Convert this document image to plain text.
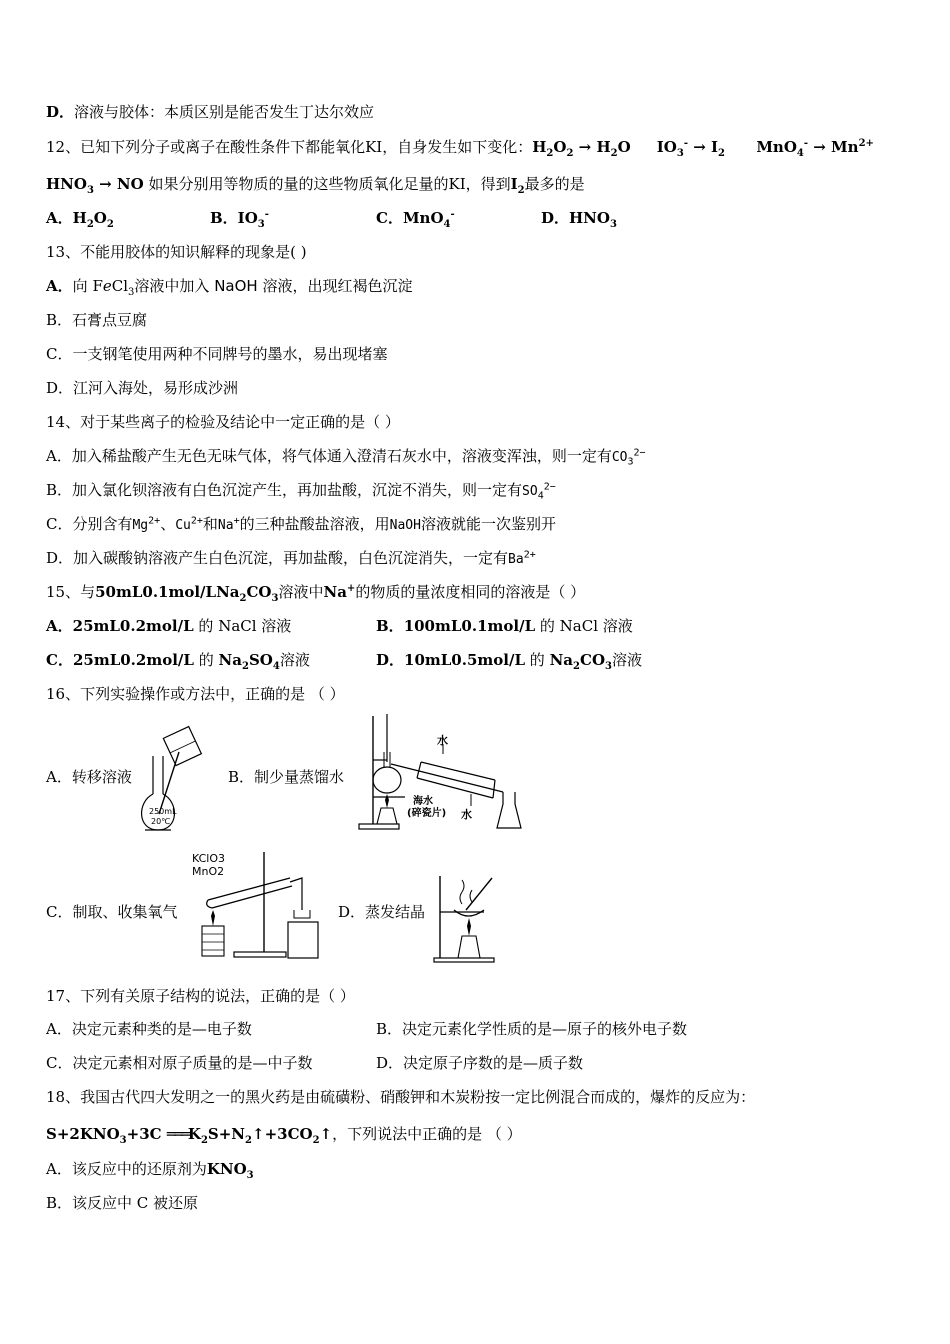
D．溶液与胶体：本质区别是能否发生丁达尔效应
12、已知下列分子或离子在酸性条件下都能氧化KI，自身发生如下变化：$H_2O_2 \to H_2O$     $IO_3^- \to I_2$      $MnO_4^- \to Mn^{2+}$
$HNO_3$ → NO 如果分别用等物质的量的这些物质氧化足量的KI，得到$I_2$最多的是
A．$H_2O_2$	B．$IO_3^-$	C．MnO$_4$-	D．$HNO_3$
13、不能用胶体的知识解释的现象是( )
A．向 FeCl$_3$溶液中加入 NaOH 溶液，出现红褐色沉淀
B．石膏点豆腐
C．一支钢笔使用两种不同牌号的墨水，易出现堵塞
D．江河入海处，易形成沙洲
14、对于某些离子的检验及结论中一定正确的是（ ）
A．加入稀盐酸产生无色无味气体，将气体通入澄清石灰水中，溶液变浑浊，则一定有$CO_3^{2-}$
B．加入氯化钡溶液有白色沉淀产生，再加盐酸，沉淀不消失，则一定有$SO_4^{2-}$
C．分别含有$Mg^{2+}$、$Cu^{2+}$和Na+的三种盐酸盐溶液，用NaOH溶液就能一次鉴别开
D．加入碳酸钠溶液产生白色沉淀，再加盐酸，白色沉淀消失，一定有$Ba^{2+}$
15、与$50mL0.1mol/LNa_2CO_3$溶液中Na+的物质的量浓度相同的溶液是（ ）
A．25mL0.2mol/L 的 NaCl 溶液	B．100mL0.1mol/L 的 NaCl 溶液
C．25mL0.2mol/L 的 $Na_2SO_4$溶液	D．10mL0.5mol/L 的 $Na_2CO_3$溶液
16、下列实验操作或方法中，正确的是 （ ）
A．转移溶液
250mL
20℃
B．制少量蒸馏水
水
海水
(碎瓷片) 水
C．制取、收集氧气
KClO3
MnO2
D．蒸发结晶
17、下列有关原子结构的说法，正确的是（ ）
A．决定元素种类的是—电子数	B．决定元素化学性质的是—原子的核外电子数
C．决定元素相对原子质量的是—中子数	D．决定原子序数的是—质子数
18、我国古代四大发明之一的黑火药是由硫磺粉、硝酸钾和木炭粉按一定比例混合而成的，爆炸的反应为：
$S+2KNO_3+3C$ $═══K_2S+N_2↑+3CO_2↑$，下列说法中正确的是 （ ）
A．该反应中的还原剂为$KNO_3$
B．该反应中 C 被还原
